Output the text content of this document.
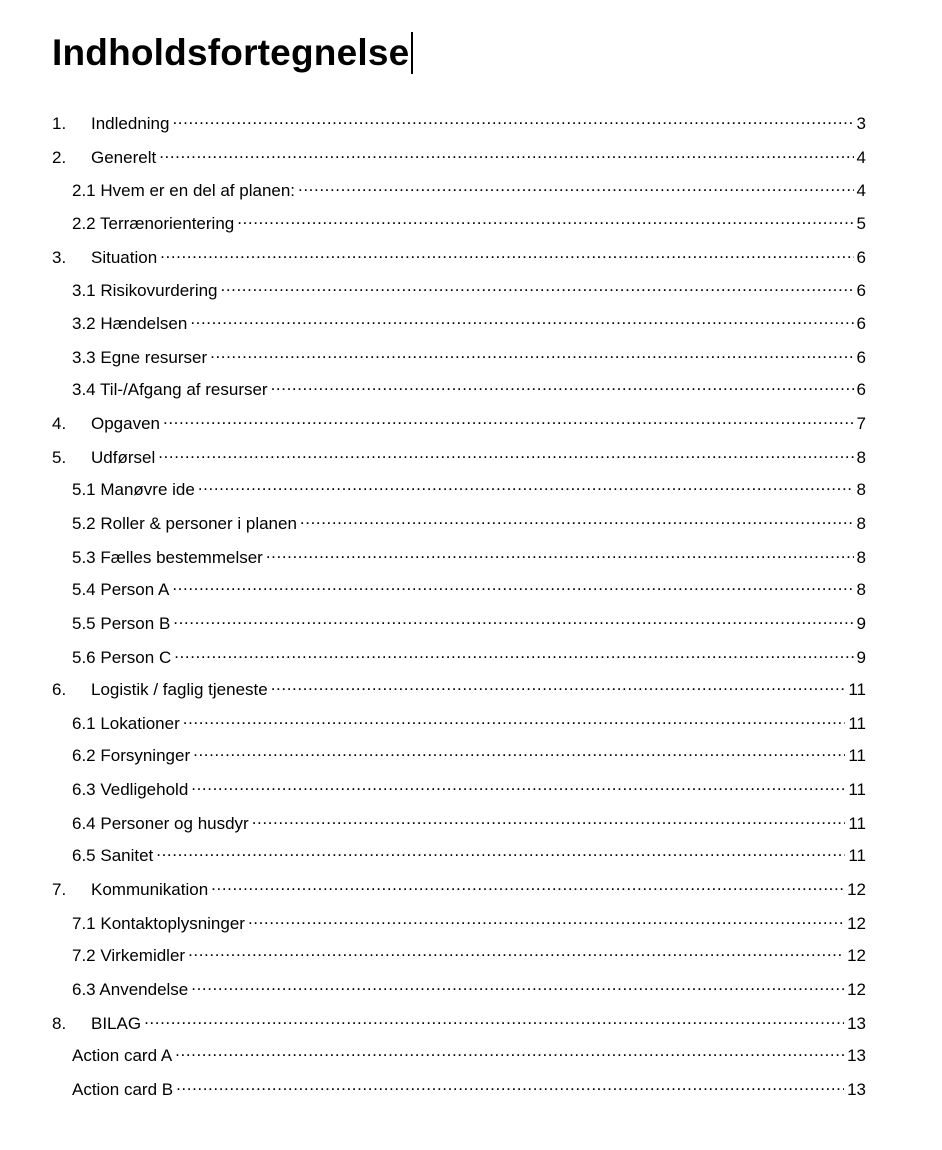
Indholdsfortegnelse
1.	Indledning .....	3
2.	Generelt .....	4
2.1 Hvem er en del af planen: .....	4
2.2 Terrænorientering .....	5
3.	Situation .....	6
3.1 Risikovurdering .....	6
3.2 Hændelsen .....	6
3.3 Egne resurser .....	6
3.4 Til-/Afgang af resurser .....	6
4.	Opgaven .....	7
5.	Udførsel .....	8
5.1 Manøvre ide .....	8
5.2 Roller & personer i planen .....	8
5.3 Fælles bestemmelser .....	8
5.4 Person A .....	8
5.5 Person B .....	9
5.6 Person C .....	9
6.	Logistik / faglig tjeneste .....	11
6.1 Lokationer .....	11
6.2 Forsyninger .....	11
6.3 Vedligehold .....	11
6.4 Personer og husdyr .....	11
6.5 Sanitet .....	11
7.	Kommunikation .....	12
7.1 Kontaktoplysninger .....	12
7.2 Virkemidler .....	12
6.3 Anvendelse .....	12
8.	BILAG .....	13
Action card A .....	13
Action card B .....	13
